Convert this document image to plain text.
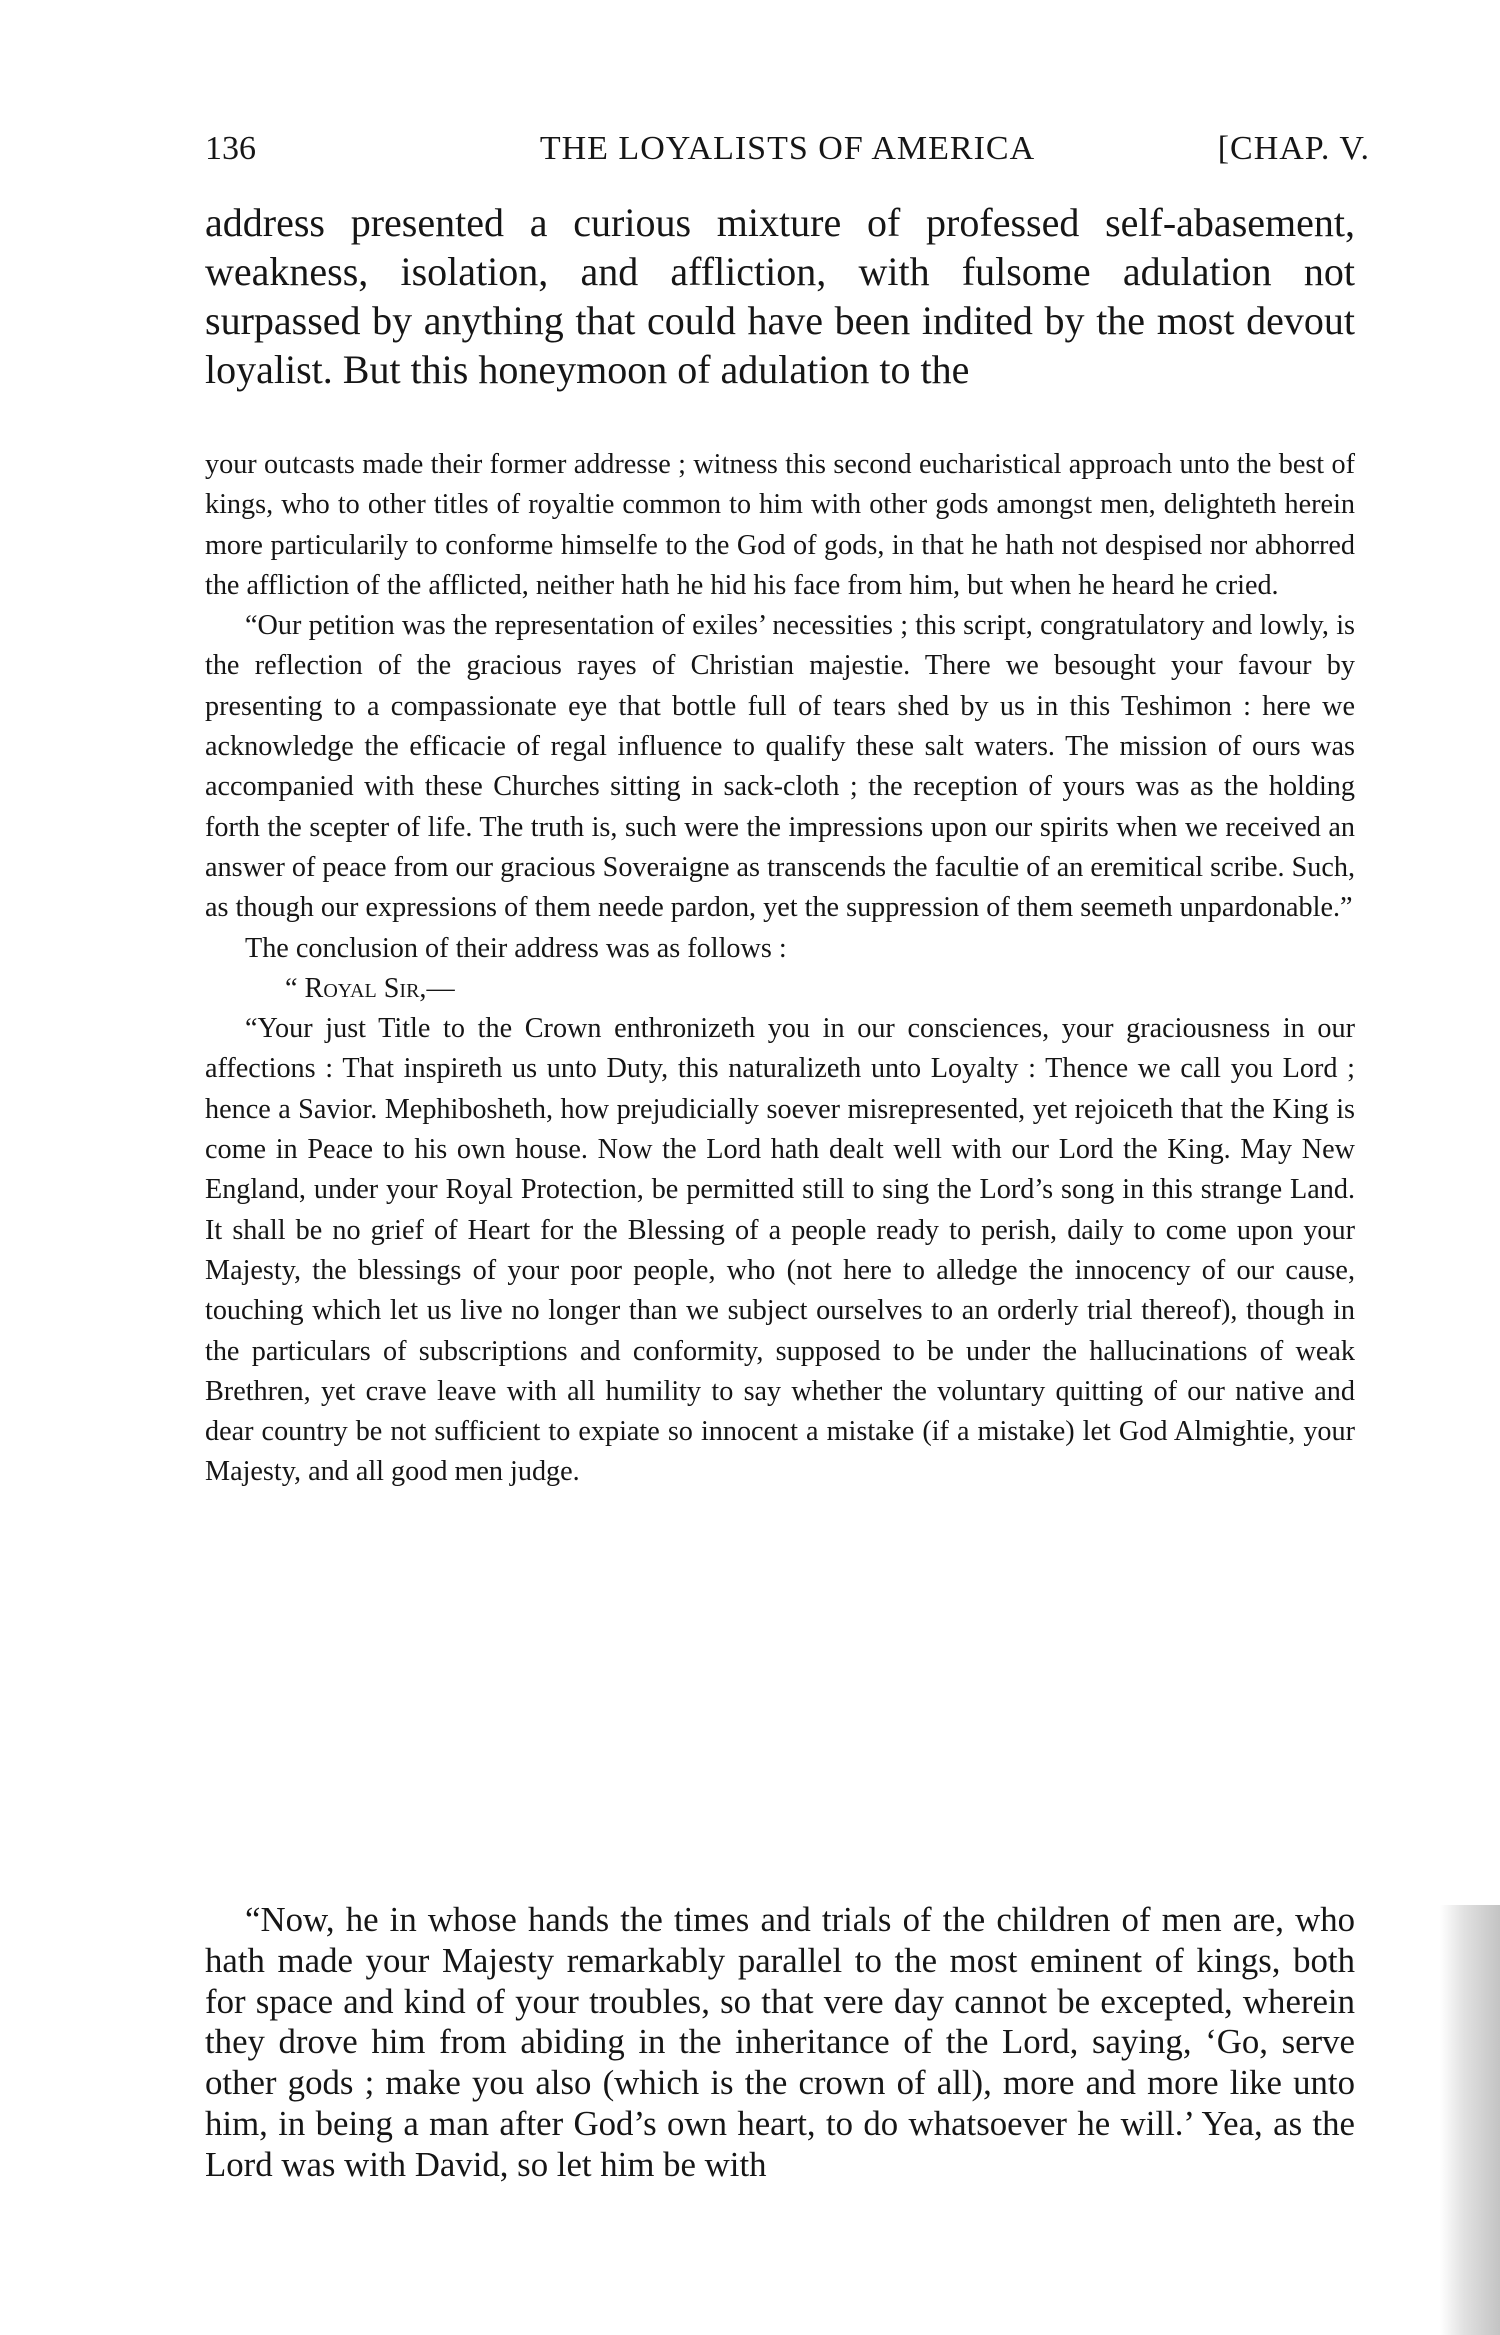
136	THE LOYALISTS OF AMERICA	[CHAP. V.

address presented a curious mixture of professed self-abasement, weakness, isolation, and affliction, with fulsome adulation not surpassed by anything that could have been indited by the most devout loyalist. But this honeymoon of adulation to the

your outcasts made their former addresse ; witness this second eucharistical approach unto the best of kings, who to other titles of royaltie common to him with other gods amongst men, delighteth herein more particularily to conforme himselfe to the God of gods, in that he hath not despised nor abhorred the affliction of the afflicted, neither hath he hid his face from him, but when he heard he cried.

“Our petition was the representation of exiles’ necessities ; this script, congratulatory and lowly, is the reflection of the gracious rayes of Christian majestie. There we besought your favour by presenting to a compassionate eye that bottle full of tears shed by us in this Teshimon : here we acknowledge the efficacie of regal influence to qualify these salt waters. The mission of ours was accompanied with these Churches sitting in sack-cloth ; the reception of yours was as the holding forth the scepter of life. The truth is, such were the impressions upon our spirits when we received an answer of peace from our gracious Soveraigne as transcends the facultie of an eremitical scribe. Such, as though our expressions of them neede pardon, yet the suppression of them seemeth unpardonable.”

The conclusion of their address was as follows :

“ Royal Sir,—

“Your just Title to the Crown enthronizeth you in our consciences, your graciousness in our affections : That inspireth us unto Duty, this naturalizeth unto Loyalty : Thence we call you Lord ; hence a Savior. Mephibosheth, how prejudicially soever misrepresented, yet rejoiceth that the King is come in Peace to his own house. Now the Lord hath dealt well with our Lord the King. May New England, under your Royal Protection, be permitted still to sing the Lord’s song in this strange Land. It shall be no grief of Heart for the Blessing of a people ready to perish, daily to come upon your Majesty, the blessings of your poor people, who (not here to alledge the innocency of our cause, touching which let us live no longer than we subject ourselves to an orderly trial thereof), though in the particulars of subscriptions and conformity, supposed to be under the hallucinations of weak Brethren, yet crave leave with all humility to say whether the voluntary quitting of our native and dear country be not sufficient to expiate so innocent a mistake (if a mistake) let God Almightie, your Majesty, and all good men judge.

“Now, he in whose hands the times and trials of the children of men are, who hath made your Majesty remarkably parallel to the most eminent of kings, both for space and kind of your troubles, so that vere day cannot be excepted, wherein they drove him from abiding in the inheritance of the Lord, saying, ‘Go, serve other gods ; make you also (which is the crown of all), more and more like unto him, in being a man after God’s own heart, to do whatsoever he will.’ Yea, as the Lord was with David, so let him be with
